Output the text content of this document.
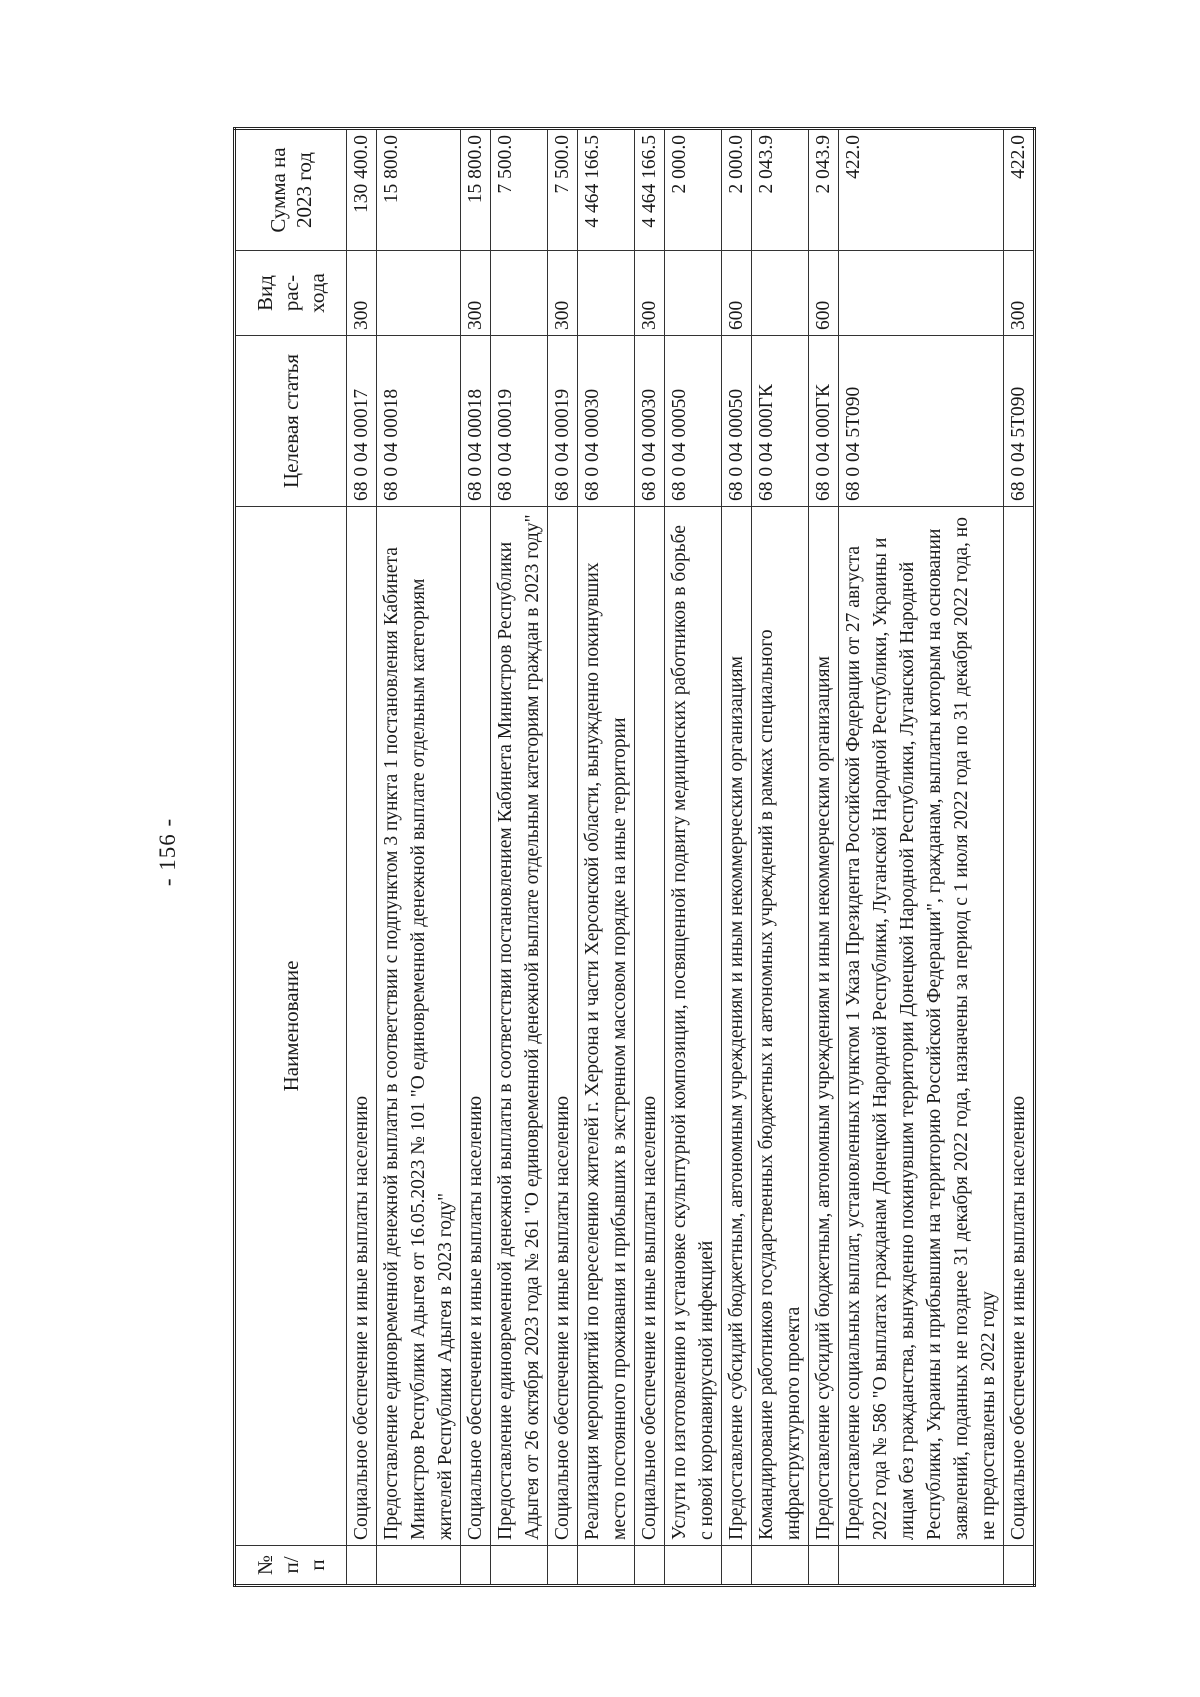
- 156 -
№ п/п	Наименование	Целевая статья	Вид рас- хода	Сумма на 2023 год
	Социальное обеспечение и иные выплаты населению	68 0 04 00017	300	130 400.0
	Предоставление единовременной денежной выплаты в соответствии с подпунктом 3 пункта 1 постановления Кабинета Министров Республики Адыгея от 16.05.2023 № 101 "О единовременной денежной выплате отдельным категориям жителей Республики Адыгея в 2023 году"	68 0 04 00018		15 800.0
	Социальное обеспечение и иные выплаты населению	68 0 04 00018	300	15 800.0
	Предоставление единовременной денежной выплаты в соответствии постановлением Кабинета Министров Республики Адыгея от 26 октября 2023 года № 261 "О единовременной денежной выплате отдельным категориям граждан в 2023 году"	68 0 04 00019		7 500.0
	Социальное обеспечение и иные выплаты населению	68 0 04 00019	300	7 500.0
	Реализация мероприятий по переселению жителей г. Херсона и части Херсонской области, вынужденно покинувших место постоянного проживания и прибывших в экстренном массовом порядке на иные территории	68 0 04 00030		4 464 166.5
	Социальное обеспечение и иные выплаты населению	68 0 04 00030	300	4 464 166.5
	Услуги по изготовлению и установке скульптурной композиции, посвященной подвигу медицинских работников в борьбе с новой коронавирусной инфекцией	68 0 04 00050		2 000.0
	Предоставление субсидий бюджетным, автономным учреждениям и иным некоммерческим организациям	68 0 04 00050	600	2 000.0
	Командирование работников государственных бюджетных и автономных учреждений в рамках специального инфраструктурного проекта	68 0 04 000ГК		2 043.9
	Предоставление субсидий бюджетным, автономным учреждениям и иным некоммерческим организациям	68 0 04 000ГК	600	2 043.9
	Предоставление социальных выплат, установленных пунктом 1 Указа Президента Российской Федерации от 27 августа 2022 года № 586 "О выплатах гражданам Донецкой Народной Республики, Луганской Народной Республики, Украины и лицам без гражданства, вынужденно покинувшим территории Донецкой Народной Республики, Луганской Народной Республики, Украины и прибывшим на территорию Российской Федерации", гражданам, выплаты которым на основании заявлений, поданных не позднее 31 декабря 2022 года, назначены за период с 1 июля 2022 года по 31 декабря 2022 года, но не предоставлены в 2022 году	68 0 04 5Т090		422.0
	Социальное обеспечение и иные выплаты населению	68 0 04 5Т090	300	422.0
